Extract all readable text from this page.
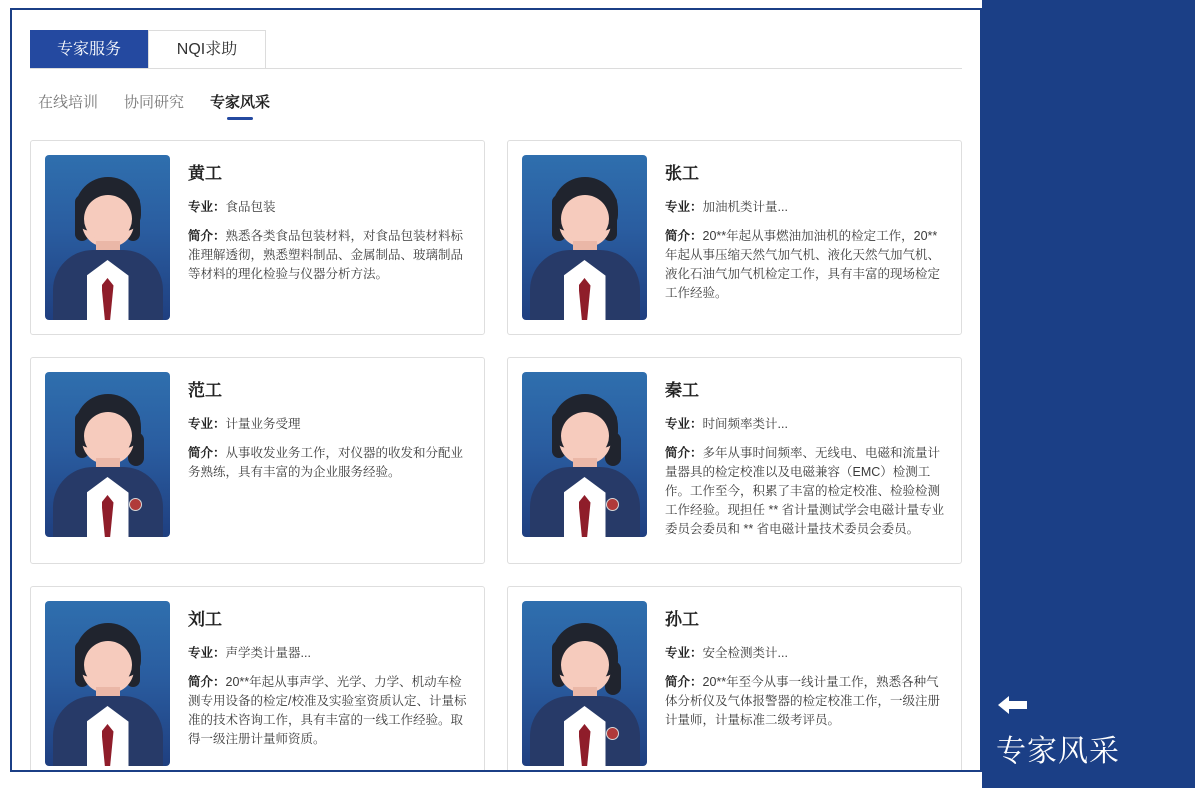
专家服务	NQI求助
在线培训 协同研究 专家风采
黄工
专业：食品包装
简介：熟悉各类食品包装材料，对食品包装材料标准理解透彻，熟悉塑料制品、金属制品、玻璃制品等材料的理化检验与仪器分析方法。
张工
专业：加油机类计量...
简介：20**年起从事燃油加油机的检定工作，20**年起从事压缩天然气加气机、液化天然气加气机、液化石油气加气机检定工作，具有丰富的现场检定工作经验。
范工
专业：计量业务受理
简介：从事收发业务工作，对仪器的收发和分配业务熟练，具有丰富的为企业服务经验。
秦工
专业：时间频率类计...
简介：多年从事时间频率、无线电、电磁和流量计量器具的检定校准以及电磁兼容（EMC）检测工作。工作至今，积累了丰富的检定校准、检验检测工作经验。现担任 ** 省计量测试学会电磁计量专业委员会委员和 ** 省电磁计量技术委员会委员。
刘工
专业：声学类计量器...
简介：20**年起从事声学、光学、力学、机动车检测专用设备的检定/校准及实验室资质认定、计量标准的技术咨询工作，具有丰富的一线工作经验。取得一级注册计量师资质。
孙工
专业：安全检测类计...
简介：20**年至今从事一线计量工作，熟悉各种气体分析仪及气体报警器的检定校准工作，一级注册计量师，计量标准二级考评员。
专家风采
